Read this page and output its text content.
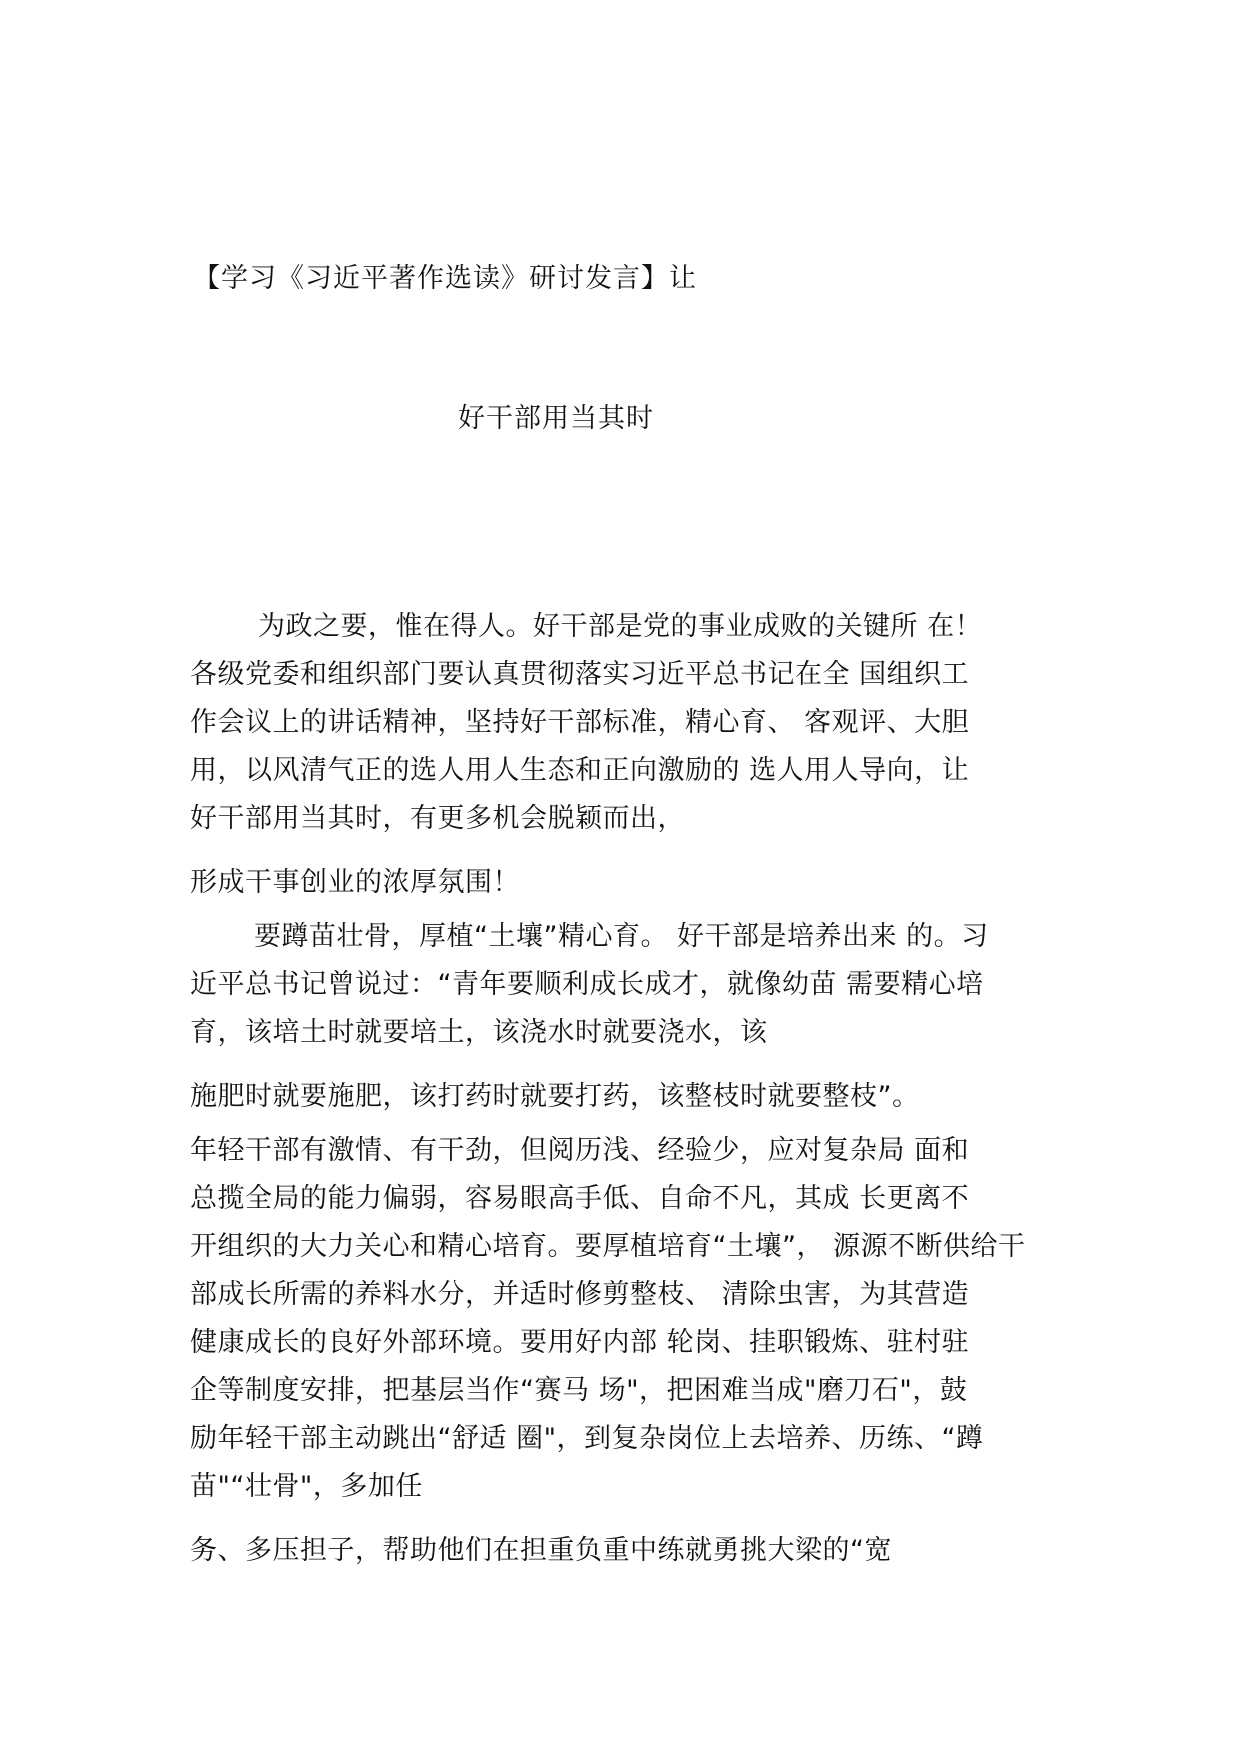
【学习《习近平著作选读》研讨发言】让
好干部用当其时
为政之要，惟在得人。好干部是党的事业成败的关键所 在！
各级党委和组织部门要认真贯彻落实习近平总书记在全 国组织工
作会议上的讲话精神，坚持好干部标准，精心育、 客观评、大胆
用，以风清气正的选人用人生态和正向激励的 选人用人导向，让
好干部用当其时，有更多机会脱颖而出，
形成干事创业的浓厚氛围！
要蹲苗壮骨，厚植“土壤”精心育。 好干部是培养出来 的。习
近平总书记曾说过：“青年要顺利成长成才，就像幼苗 需要精心培
育，该培土时就要培土，该浇水时就要浇水，该
施肥时就要施肥，该打药时就要打药，该整枝时就要整枝”。
年轻干部有激情、有干劲，但阅历浅、经验少，应对复杂局 面和
总揽全局的能力偏弱，容易眼高手低、自命不凡，其成 长更离不
开组织的大力关心和精心培育。要厚植培育“土壤”， 源源不断供给干
部成长所需的养料水分，并适时修剪整枝、 清除虫害，为其营造
健康成长的良好外部环境。要用好内部 轮岗、挂职锻炼、驻村驻
企等制度安排，把基层当作“赛马 场"，把困难当成"磨刀石"，鼓
励年轻干部主动跳出“舒适 圈"，到复杂岗位上去培养、历练、“蹲
苗"“壮骨"，多加任
务、多压担子，帮助他们在担重负重中练就勇挑大梁的“宽
